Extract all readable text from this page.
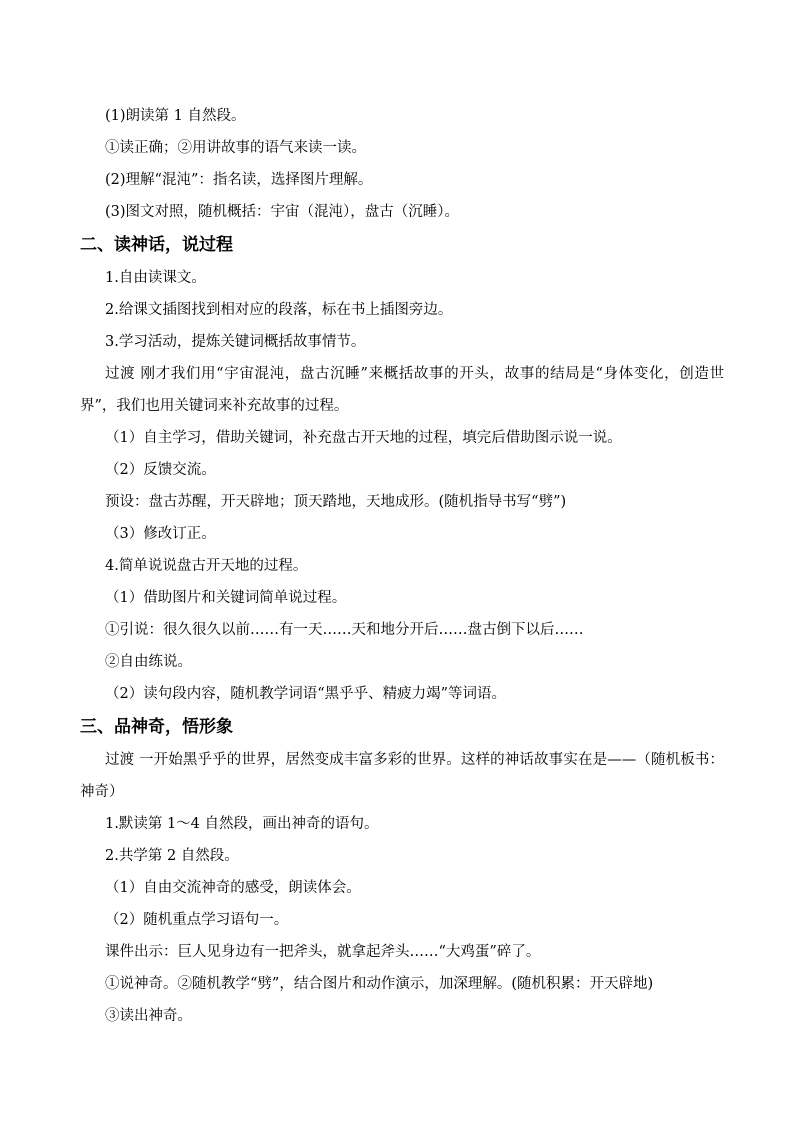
(1)朗读第 1 自然段。
①读正确；②用讲故事的语气来读一读。
(2)理解“混沌”：指名读，选择图片理解。
(3)图文对照，随机概括：宇宙（混沌），盘古（沉睡）。
二、读神话，说过程
1.自由读课文。
2.给课文插图找到相对应的段落，标在书上插图旁边。
3.学习活动，提炼关键词概括故事情节。
过渡 刚才我们用“宇宙混沌，盘古沉睡”来概括故事的开头，故事的结局是“身体变化，创造世界”，我们也用关键词来补充故事的过程。
（1）自主学习，借助关键词，补充盘古开天地的过程，填完后借助图示说一说。
（2）反馈交流。
预设：盘古苏醒，开天辟地；顶天踏地，天地成形。(随机指导书写“劈”)
（3）修改订正。
4.简单说说盘古开天地的过程。
（1）借助图片和关键词简单说过程。
①引说：很久很久以前……有一天……天和地分开后……盘古倒下以后……
②自由练说。
（2）读句段内容，随机教学词语“黑乎乎、精疲力竭”等词语。
三、品神奇，悟形象
过渡 一开始黑乎乎的世界，居然变成丰富多彩的世界。这样的神话故事实在是——（随机板书：神奇）
1.默读第 1～4 自然段，画出神奇的语句。
2.共学第 2 自然段。
（1）自由交流神奇的感受，朗读体会。
（2）随机重点学习语句一。
课件出示：巨人见身边有一把斧头，就拿起斧头……“大鸡蛋”碎了。
①说神奇。②随机教学“劈”，结合图片和动作演示，加深理解。(随机积累：开天辟地)
③读出神奇。
